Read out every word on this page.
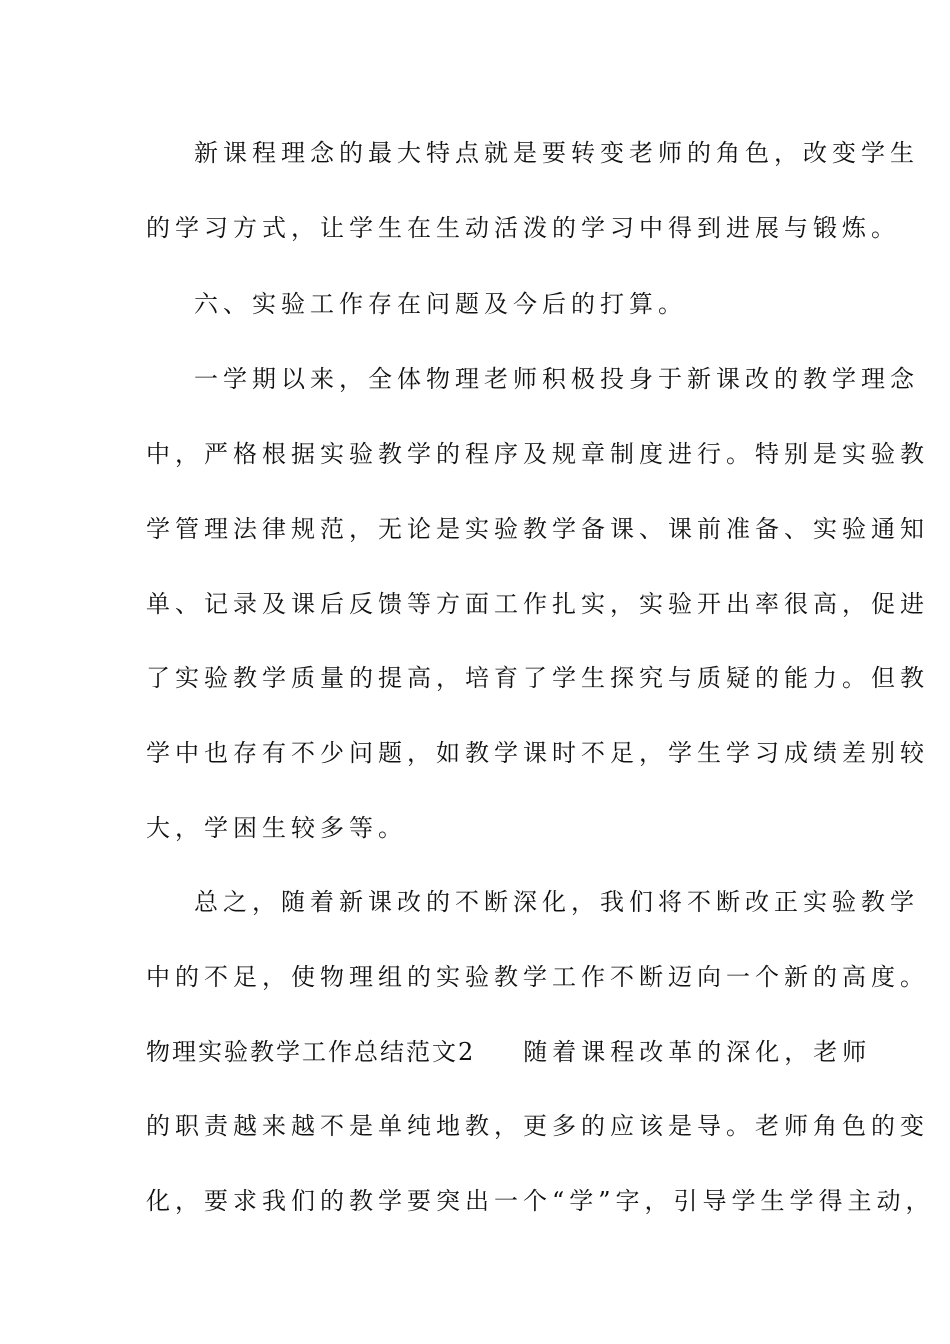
新课程理念的最大特点就是要转变老师的角色，改变学生
的学习方式，让学生在生动活泼的学习中得到进展与锻炼。
六、实验工作存在问题及今后的打算。
一学期以来，全体物理老师积极投身于新课改的教学理念
中，严格根据实验教学的程序及规章制度进行。特别是实验教
学管理法律规范，无论是实验教学备课、课前准备、实验通知
单、记录及课后反馈等方面工作扎实，实验开出率很高，促进
了实验教学质量的提高，培育了学生探究与质疑的能力。但教
学中也存有不少问题，如教学课时不足，学生学习成绩差别较
大，学困生较多等。
总之，随着新课改的不断深化，我们将不断改正实验教学
中的不足，使物理组的实验教学工作不断迈向一个新的高度。
物理实验教学工作总结范文2 随着课程改革的深化，老师
的职责越来越不是单纯地教，更多的应该是导。老师角色的变
化，要求我们的教学要突出一个“学”字，引导学生学得主动，
